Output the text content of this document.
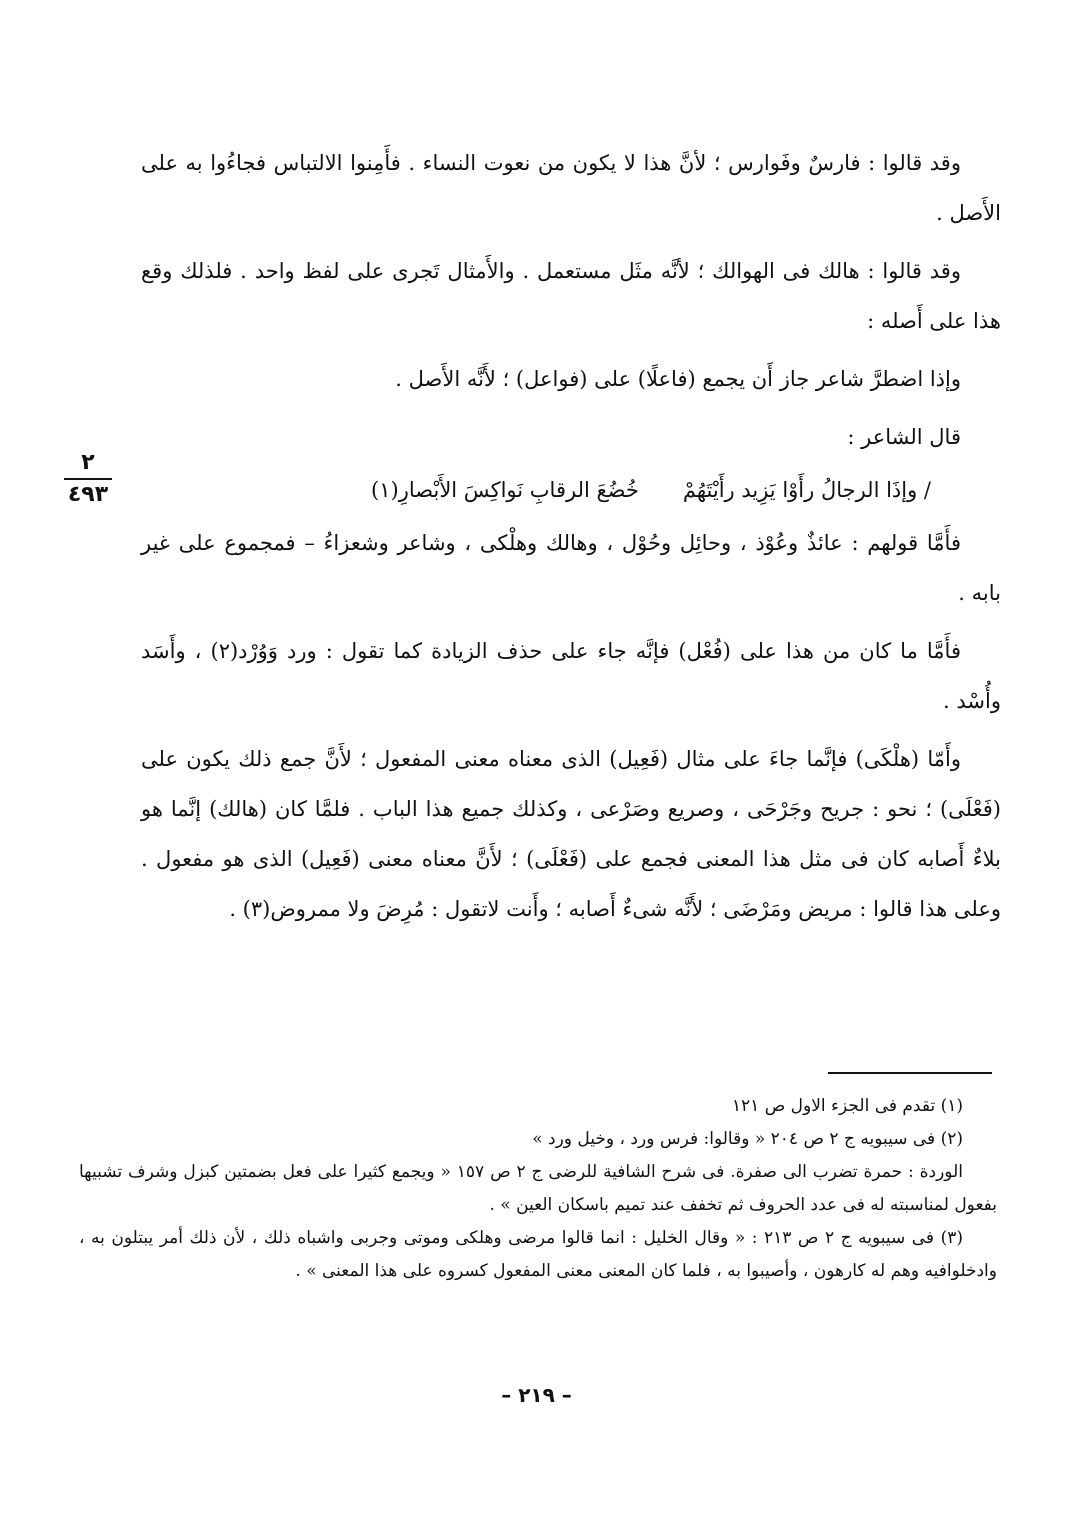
وقد قالوا : فارسٌ وفَوارس ؛ لأنَّ هذا لا يكون من نعوت النساء . فأَمِنوا الالتباس فجاءُوا به على الأَصل .

وقد قالوا : هالك فى الهوالك ؛ لأنَّه مثَل مستعمل . والأَمثال تَجرى على لفظ واحد . فلذلك وقع هذا على أَصله :

وإذا اضطرَّ شاعر جاز أَن يجمع (فاعلًا) على (فواعل) ؛ لأَنَّه الأَصل .

قال الشاعر :

/ وإذَا الرجالُ رأَوْا يَزِيد رأَيْتَهُمْ
خُضُعَ الرقابِ نَواكِسَ الأَبْصارِ(١)

فأَمَّا قولهم : عائذٌ وعُوْذ ، وحائِل وحُوْل ، وهالك وهلْكى ، وشاعر وشعزاءُ – فمجموع على غير بابه .

فأَمَّا ما كان من هذا على (فُعْل) فإنَّه جاء على حذف الزيادة كما تقول : ورد وَوُرْد(٢) ، وأَسَد وأُسْد .

وأَمّا (هلْكَى) فإنَّما جاءَ على مثال (فَعِيل) الذى معناه معنى المفعول ؛ لأَنَّ جمع ذلك يكون على (فَعْلَى) ؛ نحو : جريح وجَرْحَى ، وصريع وصَرْعى ، وكذلك جميع هذا الباب . فلمَّا كان (هالك) إنَّما هو بلاءٌ أَصابه كان فى مثل هذا المعنى فجمع على (فَعْلَى) ؛ لأَنَّ معناه معنى (فَعِيل) الذى هو مفعول . وعلى هذا قالوا : مريض ومَرْضَى ؛ لأَنَّه شىءٌ أَصابه ؛ وأَنت لاتقول : مُرِضَ ولا ممروض(٣) .

٢
٤٩٣

(١) تقدم فى الجزء الاول ص ١٢١

(٢) فى سيبويه ج ٢ ص ٢٠٤ « وقالوا: فرس ورد ، وخيل ورد »

الوردة : حمرة تضرب الى صفرة. فى شرح الشافية للرضى ج ٢ ص ١٥٧ « ويجمع كثيرا على فعل بضمتين كبزل وشرف تشبيها بفعول لمناسبته له فى عدد الحروف ثم تخفف عند تميم باسكان العين » .

(٣) فى سيبويه ج ٢ ص ٢١٣ : « وقال الخليل : انما قالوا مرضى وهلكى وموتى وجربى واشباه ذلك ، لأن ذلك أمر يبتلون به ، وادخلوافيه وهم له كارهون ، وأصيبوا به ، فلما كان المعنى معنى المفعول كسروه على هذا المعنى » .

– ٢١٩ –
